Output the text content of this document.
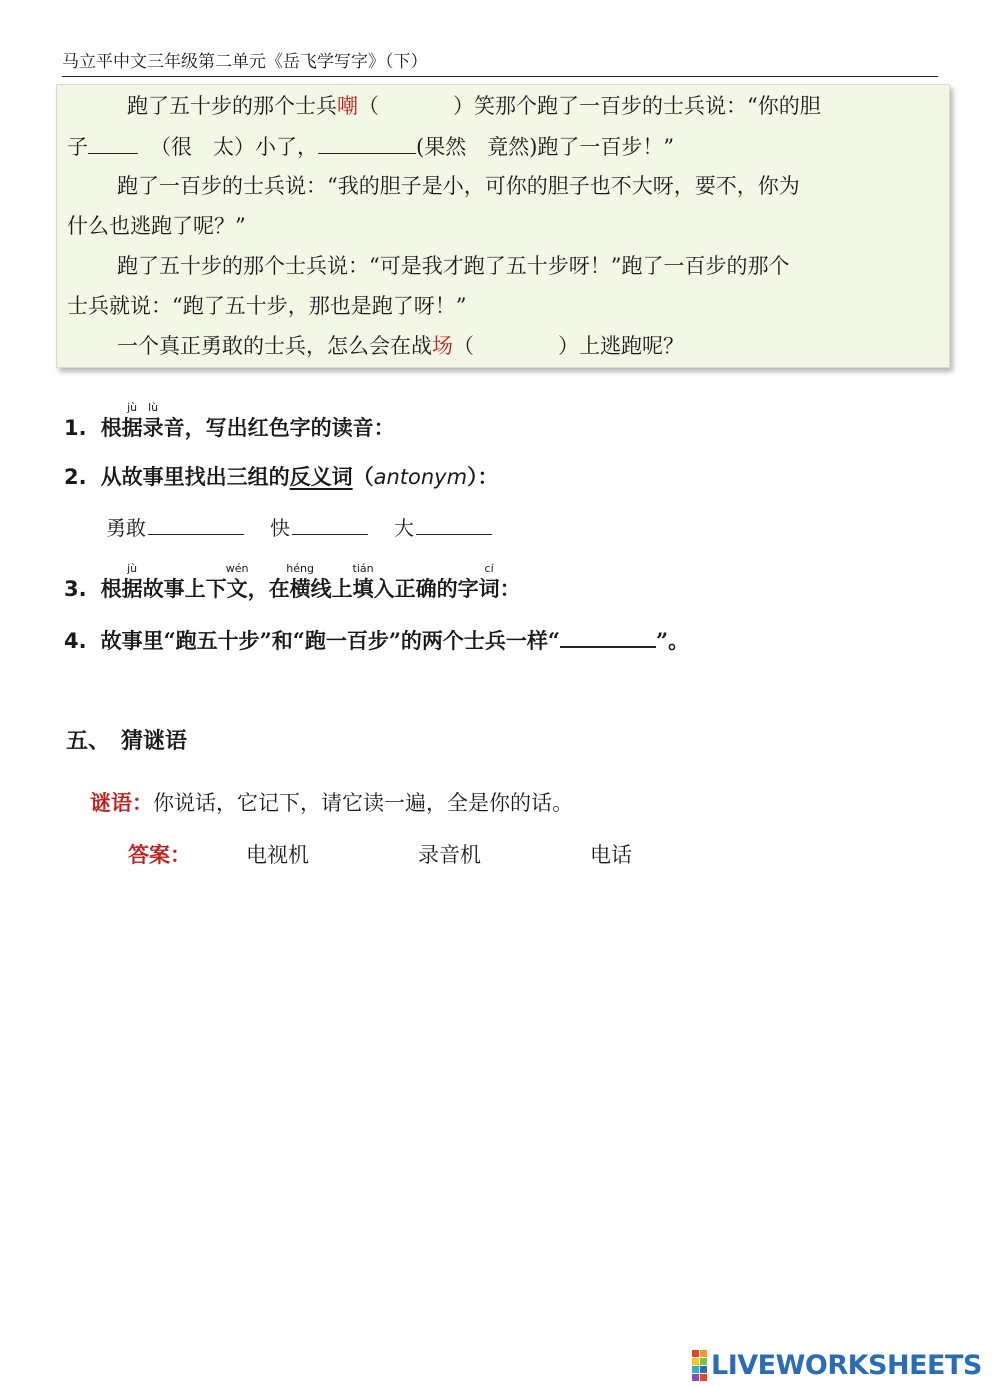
马立平中文三年级第二单元《岳飞学写字》（下）
跑了五十步的那个士兵嘲（	）笑那个跑了一百步的士兵说：“你的胆
子	（很　太）小了，	(果然　竟然)跑了一百步！”
跑了一百步的士兵说：“我的胆子是小，可你的胆子也不大呀，要不，你为
什么也逃跑了呢？”
跑了五十步的那个士兵说：“可是我才跑了五十步呀！”跑了一百步的那个
士兵就说：“跑了五十步，那也是跑了呀！”
一个真正勇敢的士兵，怎么会在战场（	）上逃跑呢？
1. 根
jù
据
lù
录音，写出红色字的读音：
2. 从故事里找出三组的反义词（antonym）：
勇敢	快	大
3. 根
jù
据故事上下
wén
文，在
héng
横线上
tián
填入正确的字
cí
词：
4. 故事里“跑五十步”和“跑一百步”的两个士兵一样“	”。
五、　猜谜语
谜语：你说话，它记下，请它读一遍，全是你的话。
答案：	电视机	录音机	电话
LIVEWORKSHEETS
